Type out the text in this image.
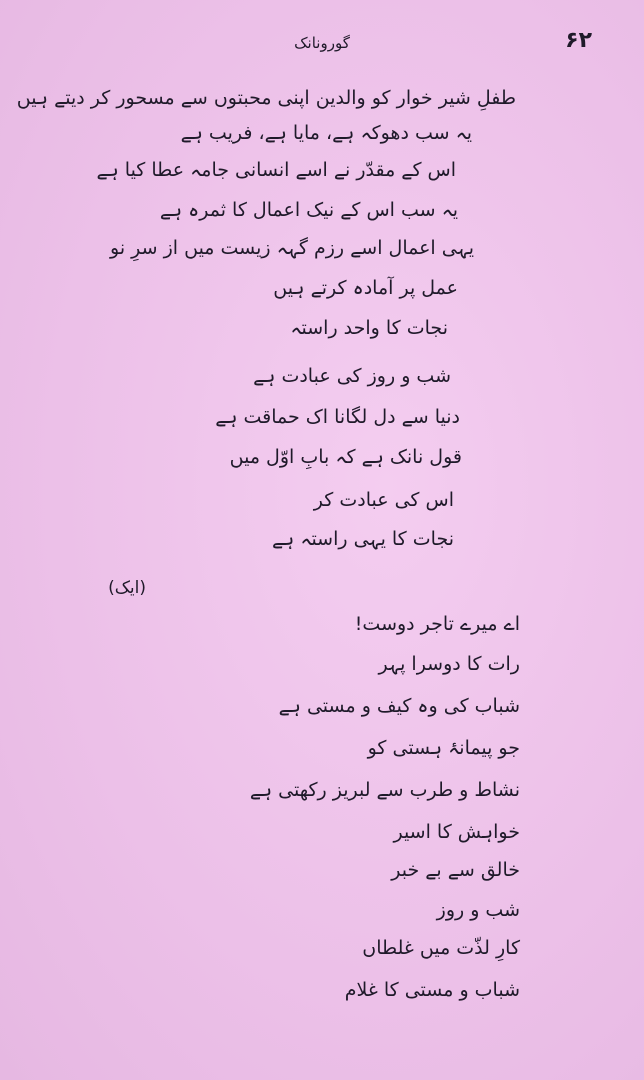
گورونانک	۶۲
طفلِ شیر خوار کو والدین اپنی محبتوں سے مسحور کر دیتے ہیں
یہ سب دھوکہ ہے، مایا ہے، فریب ہے
اس کے مقدّر نے اسے انسانی جامہ عطا کیا ہے
یہ سب اس کے نیک اعمال کا ثمرہ ہے
یہی اعمال اسے رزم گہہ زیست میں از سرِ نو
عمل پر آمادہ کرتے ہیں
نجات کا واحد راستہ
شب و روز کی عبادت ہے
دنیا سے دل لگانا اک حماقت ہے
قول نانک ہے کہ بابِ اوّل میں
اس کی عبادت کر
نجات کا یہی راستہ ہے
(ایک)
اے میرے تاجر دوست!
رات کا دوسرا پہر
شباب کی وہ کیف و مستی ہے
جو پیمانۂ ہستی کو
نشاط و طرب سے لبریز رکھتی ہے
خواہش کا اسیر
خالق سے بے خبر
شب و روز
کارِ لذّت میں غلطاں
شباب و مستی کا غلام
